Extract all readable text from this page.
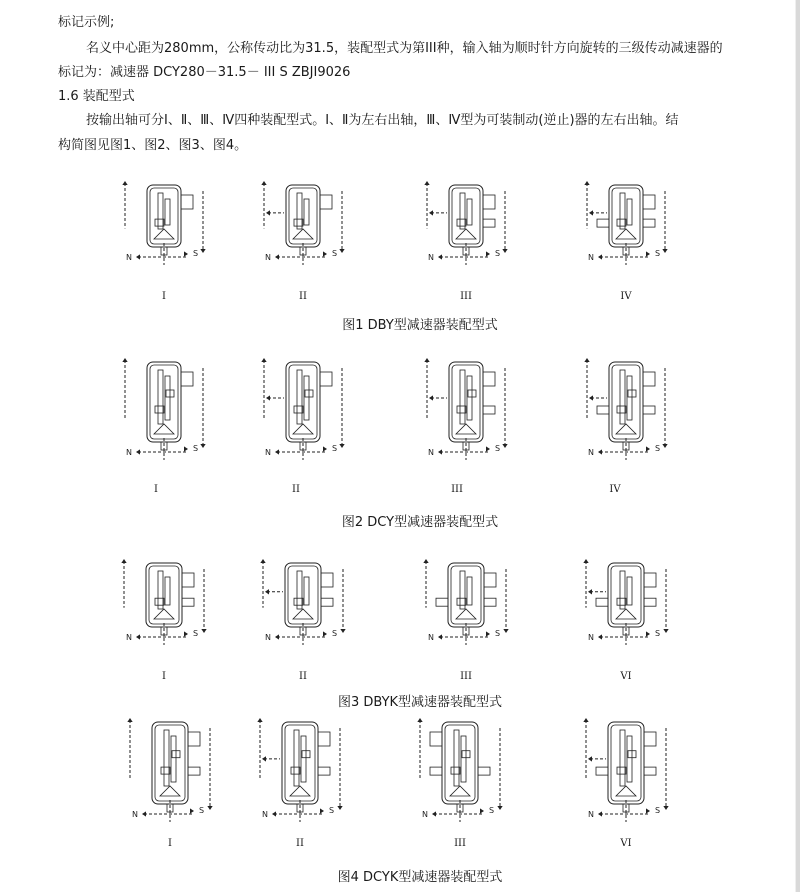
标记示例;
名义中心距为280mm，公称传动比为31.5，装配型式为第III种，输入轴为顺时针方向旋转的三级传动减速器的
标记为：减速器 DCY280－31.5－ III S ZBJI9026
1.6 装配型式
按输出轴可分Ⅰ、Ⅱ、Ⅲ、Ⅳ四种装配型式。Ⅰ、Ⅱ为左右出轴，Ⅲ、Ⅳ型为可装制动(逆止)器的左右出轴。结
构简图见图1、图2、图3、图4。
N	S	N	S	N	S	N	S
I	II	III	IV
图1 DBY型减速器装配型式
N	S	N	S	N	S	N	S
I	II	III	IV
图2 DCY型减速器装配型式
N	S	N	S	N	S	N	S
I	II	III	VI
图3 DBYK型减速器装配型式
N	S	N	S	N	S	N	S
I	II	III	VI
图4 DCYK型减速器装配型式
